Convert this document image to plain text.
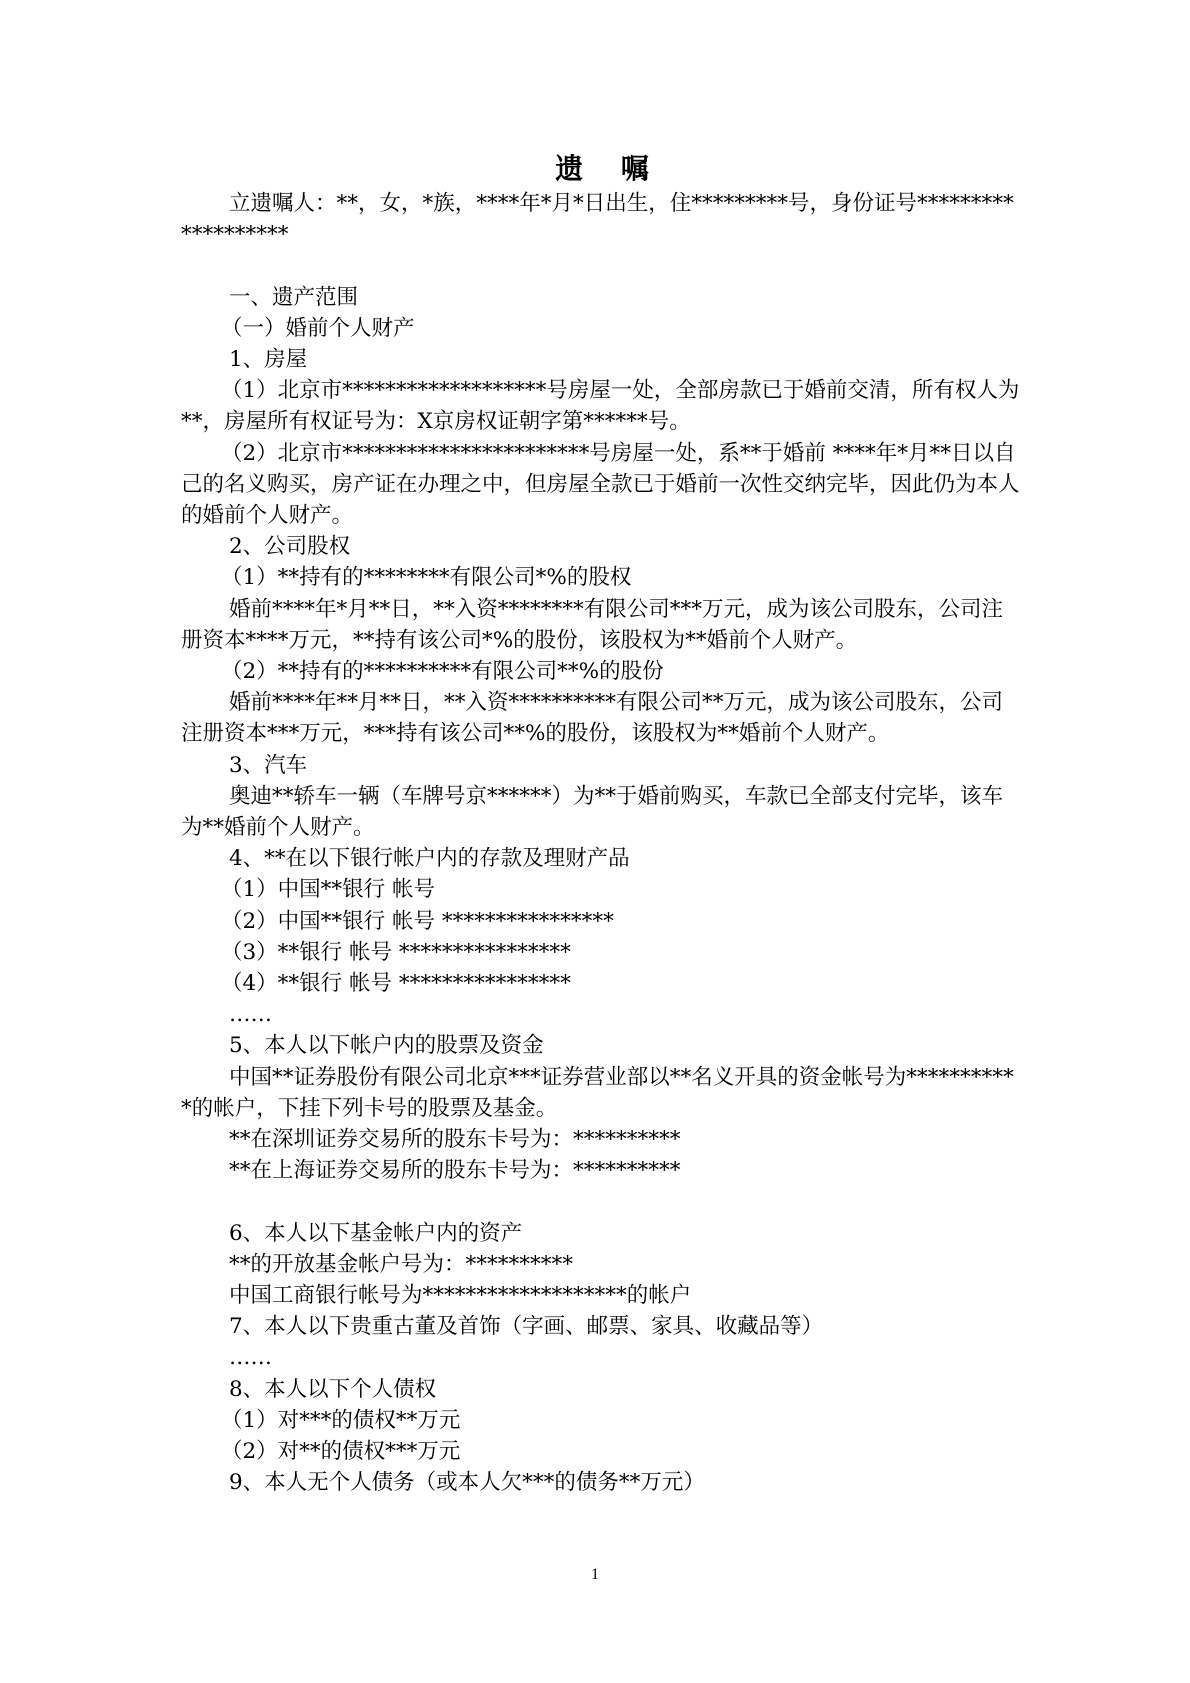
遗 嘱

立遗嘱人：**，女，*族，****年*月*日出生，住*********号，身份证号*******************

一、遗产范围

（一）婚前个人财产

1、房屋

（1）北京市*******************号房屋一处，全部房款已于婚前交清，所有权人为**，房屋所有权证号为：X京房权证朝字第******号。

（2）北京市***********************号房屋一处，系**于婚前 ****年*月**日以自己的名义购买，房产证在办理之中，但房屋全款已于婚前一次性交纳完毕，因此仍为本人的婚前个人财产。

2、公司股权

（1）**持有的********有限公司*%的股权

婚前****年*月**日，**入资********有限公司***万元，成为该公司股东，公司注册资本****万元，**持有该公司*%的股份，该股权为**婚前个人财产。

（2）**持有的**********有限公司**%的股份

婚前****年**月**日，**入资**********有限公司**万元，成为该公司股东，公司注册资本***万元，***持有该公司**%的股份，该股权为**婚前个人财产。

3、汽车

奥迪**轿车一辆（车牌号京******）为**于婚前购买，车款已全部支付完毕，该车为**婚前个人财产。

4、**在以下银行帐户内的存款及理财产品

（1）中国**银行 帐号

（2）中国**银行 帐号 ****************

（3）**银行 帐号 ****************

（4）**银行 帐号 ****************

……

5、本人以下帐户内的股票及资金

中国**证券股份有限公司北京***证券营业部以**名义开具的资金帐号为***********的帐户，下挂下列卡号的股票及基金。

**在深圳证券交易所的股东卡号为：**********

**在上海证券交易所的股东卡号为：**********

6、本人以下基金帐户内的资产

**的开放基金帐户号为：**********

中国工商银行帐号为*******************的帐户

7、本人以下贵重古董及首饰（字画、邮票、家具、收藏品等）

……

8、本人以下个人债权

（1）对***的债权**万元

（2）对**的债权***万元

9、本人无个人债务（或本人欠***的债务**万元）

1
